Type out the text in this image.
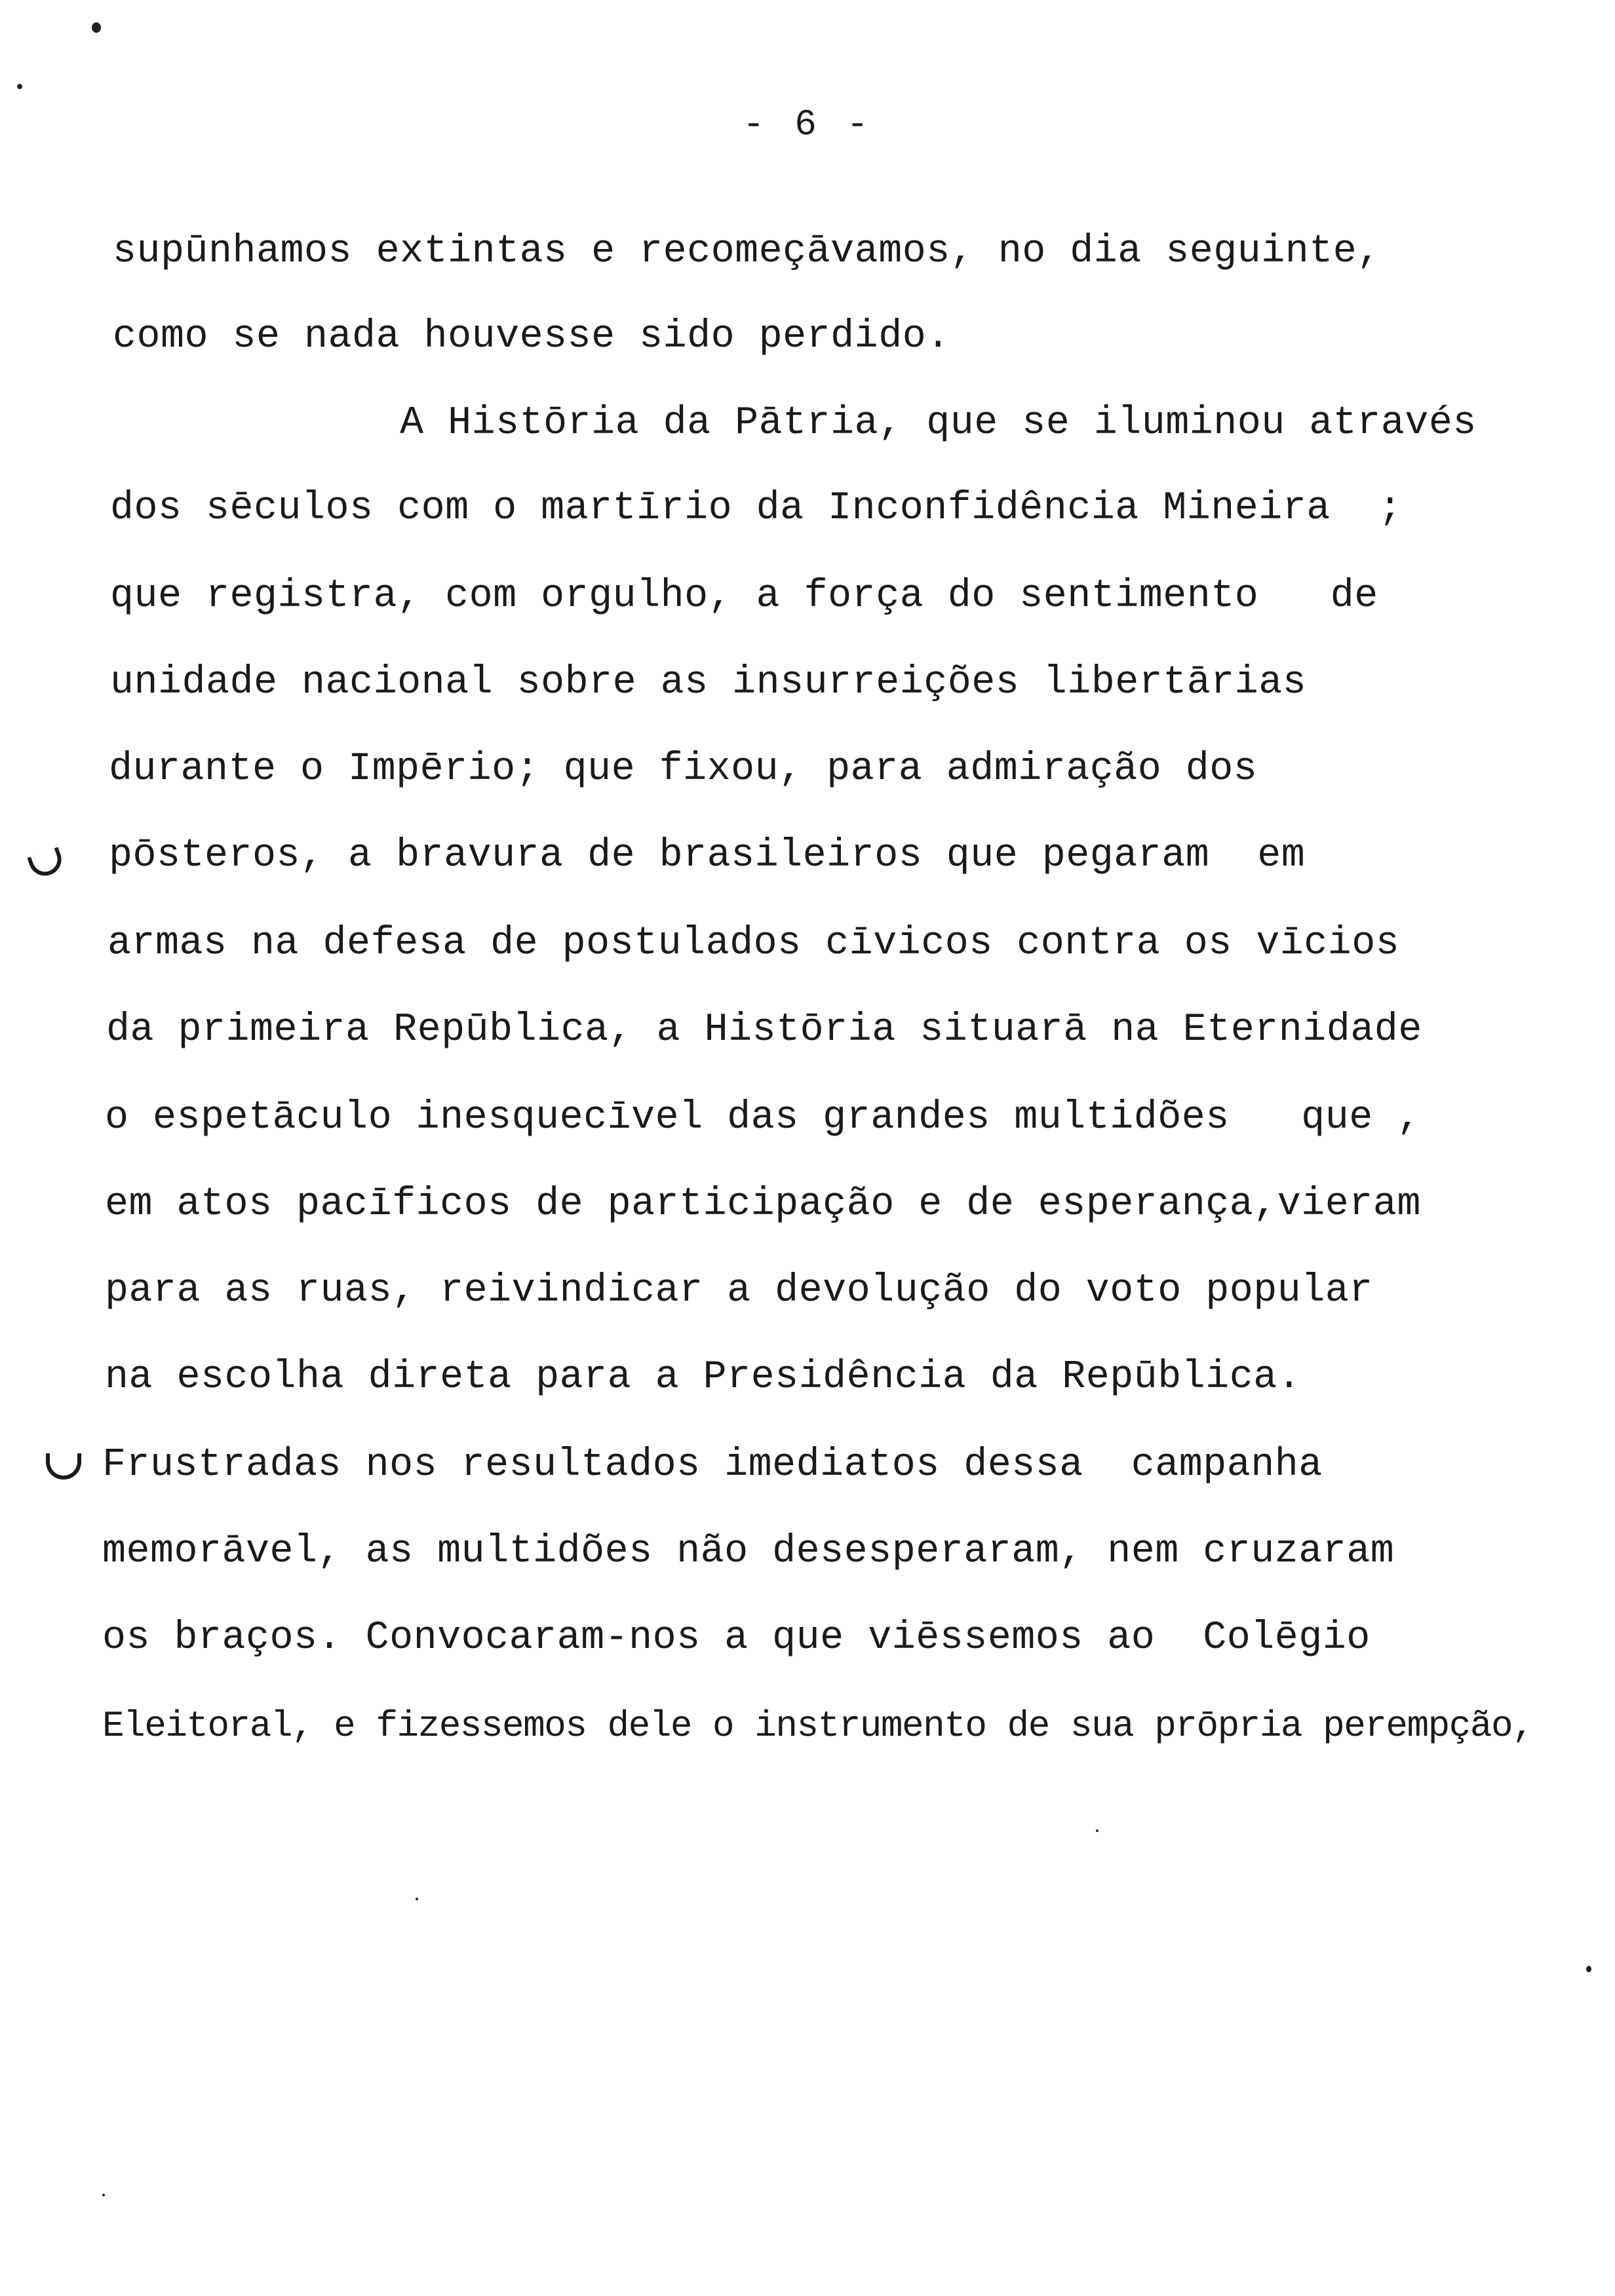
- 6 -
supūnhamos extintas e recomeçāvamos, no dia seguinte,
como se nada houvesse sido perdido.
A Histōria da Pātria, que se iluminou através
dos sēculos com o martīrio da Inconfidência Mineira  ;
que registra, com orgulho, a força do sentimento   de
unidade nacional sobre as insurreições libertārias
durante o Impērio; que fixou, para admiração dos
pōsteros, a bravura de brasileiros que pegaram  em
armas na defesa de postulados cīvicos contra os vīcios
da primeira Repūblica, a Histōria situarā na Eternidade
o espetāculo inesquecīvel das grandes multidões   que ,
em atos pacīficos de participação e de esperança,vieram
para as ruas, reivindicar a devolução do voto popular
na escolha direta para a Presidência da Repūblica.
Frustradas nos resultados imediatos dessa  campanha
memorāvel, as multidões não desesperaram, nem cruzaram
os braços. Convocaram-nos a que viēssemos ao  Colēgio
Eleitoral, e fizessemos dele o instrumento de sua prōpria perempção,
